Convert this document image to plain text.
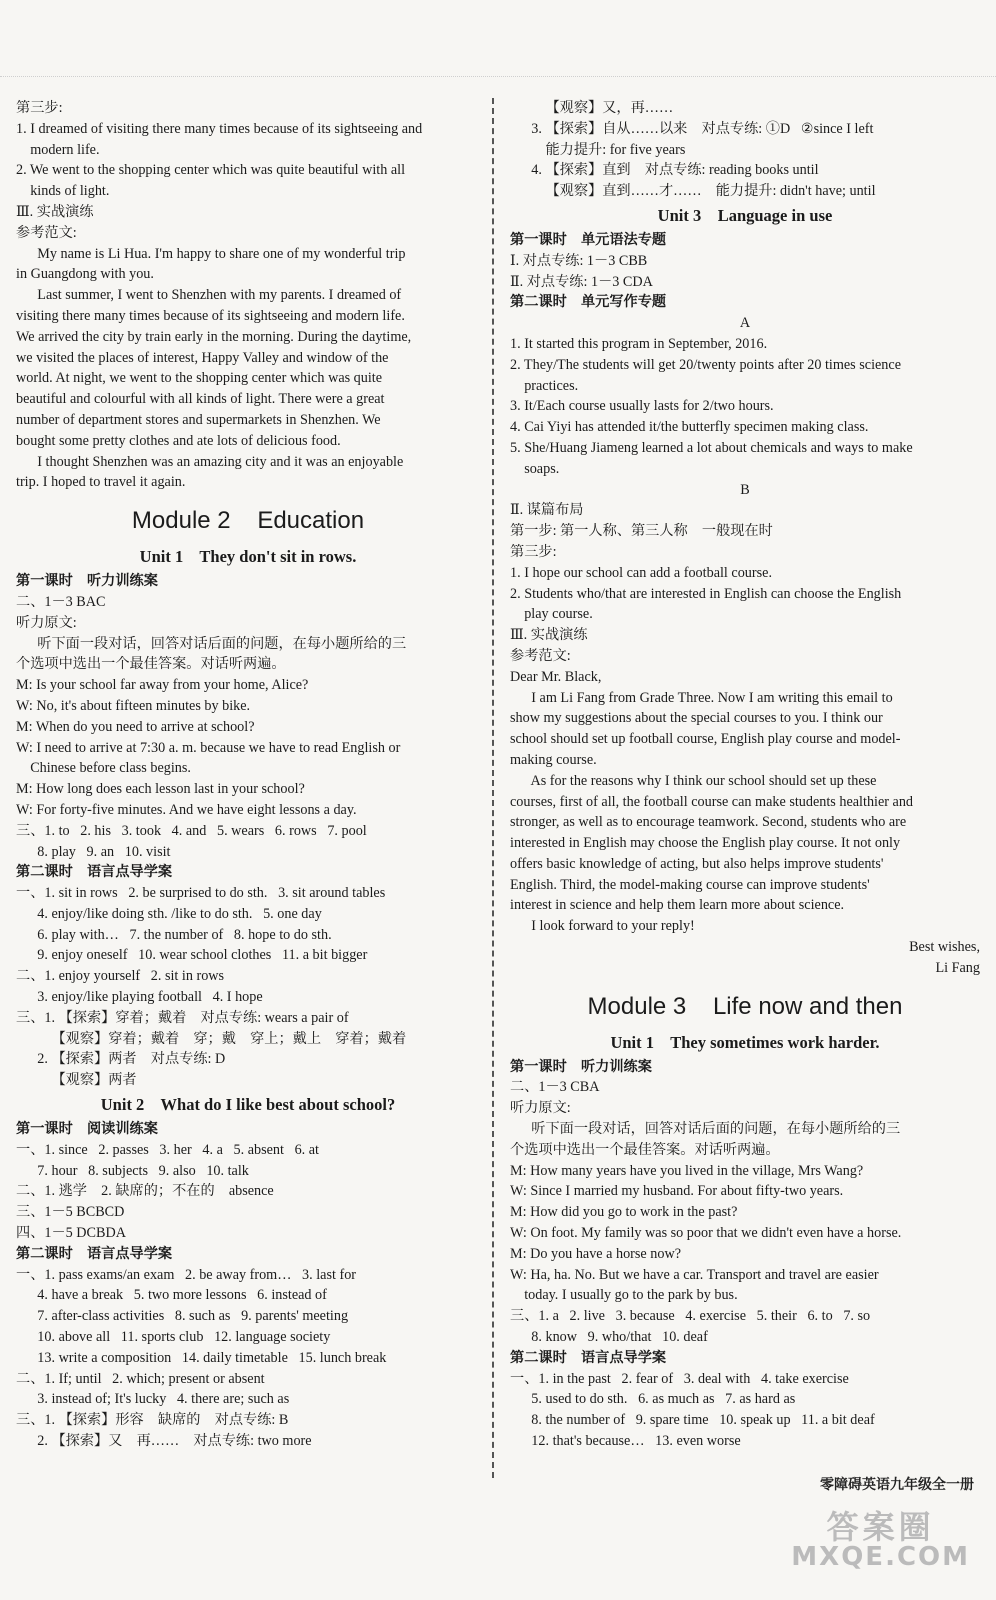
第三步:
1. I dreamed of visiting there many times because of its sightseeing and
modern life.
2. We went to the shopping center which was quite beautiful with all
kinds of light.
Ⅲ. 实战演练
参考范文:
My name is Li Hua. I'm happy to share one of my wonderful trip
in Guangdong with you.
Last summer, I went to Shenzhen with my parents. I dreamed of
visiting there many times because of its sightseeing and modern life.
We arrived the city by train early in the morning. During the daytime,
we visited the places of interest, Happy Valley and window of the
world. At night, we went to the shopping center which was quite
beautiful and colourful with all kinds of light. There were a great
number of department stores and supermarkets in Shenzhen. We
bought some pretty clothes and ate lots of delicious food.
I thought Shenzhen was an amazing city and it was an enjoyable
trip. I hoped to travel it again.
Module 2    Education
Unit 1    They don't sit in rows.
第一课时    听力训练案
二、1－3 BAC
听力原文:
听下面一段对话，回答对话后面的问题，在每小题所给的三
个选项中选出一个最佳答案。对话听两遍。
M: Is your school far away from your home, Alice?
W: No, it's about fifteen minutes by bike.
M: When do you need to arrive at school?
W: I need to arrive at 7:30 a. m. because we have to read English or
Chinese before class begins.
M: How long does each lesson last in your school?
W: For forty-five minutes. And we have eight lessons a day.
三、1. to   2. his   3. took   4. and   5. wears   6. rows   7. pool
8. play   9. an   10. visit
第二课时    语言点导学案
一、1. sit in rows   2. be surprised to do sth.   3. sit around tables
4. enjoy/like doing sth. /like to do sth.   5. one day
6. play with…   7. the number of   8. hope to do sth.
9. enjoy oneself   10. wear school clothes   11. a bit bigger
二、1. enjoy yourself   2. sit in rows
3. enjoy/like playing football   4. I hope
三、1. 【探索】穿着；戴着    对点专练: wears a pair of
【观察】穿着；戴着    穿；戴    穿上；戴上    穿着；戴着
2. 【探索】两者    对点专练: D
【观察】两者
Unit 2    What do I like best about school?
第一课时    阅读训练案
一、1. since   2. passes   3. her   4. a   5. absent   6. at
7. hour   8. subjects   9. also   10. talk
二、1. 逃学    2. 缺席的；不在的    absence
三、1－5 BCBCD
四、1－5 DCBDA
第二课时    语言点导学案
一、1. pass exams/an exam   2. be away from…   3. last for
4. have a break   5. two more lessons   6. instead of
7. after-class activities   8. such as   9. parents' meeting
10. above all   11. sports club   12. language society
13. write a composition   14. daily timetable   15. lunch break
二、1. If; until   2. which; present or absent
3. instead of; It's lucky   4. there are; such as
三、1. 【探索】形容    缺席的    对点专练: B
2. 【探索】又    再……    对点专练: two more
【观察】又，再……
3. 【探索】自从……以来    对点专练: ①D   ②since I left
能力提升: for five years
4. 【探索】直到    对点专练: reading books until
【观察】直到……才……    能力提升: didn't have; until
Unit 3    Language in use
第一课时    单元语法专题
Ⅰ. 对点专练: 1－3 CBB
Ⅱ. 对点专练: 1－3 CDA
第二课时    单元写作专题
A
1. It started this program in September, 2016.
2. They/The students will get 20/twenty points after 20 times science
practices.
3. It/Each course usually lasts for 2/two hours.
4. Cai Yiyi has attended it/the butterfly specimen making class.
5. She/Huang Jiameng learned a lot about chemicals and ways to make
soaps.
B
Ⅱ. 谋篇布局
第一步: 第一人称、第三人称    一般现在时
第三步:
1. I hope our school can add a football course.
2. Students who/that are interested in English can choose the English
play course.
Ⅲ. 实战演练
参考范文:
Dear Mr. Black,
I am Li Fang from Grade Three. Now I am writing this email to
show my suggestions about the special courses to you. I think our
school should set up football course, English play course and model-
making course.
As for the reasons why I think our school should set up these
courses, first of all, the football course can make students healthier and
stronger, as well as to encourage teamwork. Second, students who are
interested in English may choose the English play course. It not only
offers basic knowledge of acting, but also helps improve students'
English. Third, the model-making course can improve students'
interest in science and help them learn more about science.
I look forward to your reply!
Best wishes,
Li Fang
Module 3    Life now and then
Unit 1    They sometimes work harder.
第一课时    听力训练案
二、1－3 CBA
听力原文:
听下面一段对话，回答对话后面的问题，在每小题所给的三
个选项中选出一个最佳答案。对话听两遍。
M: How many years have you lived in the village, Mrs Wang?
W: Since I married my husband. For about fifty-two years.
M: How did you go to work in the past?
W: On foot. My family was so poor that we didn't even have a horse.
M: Do you have a horse now?
W: Ha, ha. No. But we have a car. Transport and travel are easier
today. I usually go to the park by bus.
三、1. a   2. live   3. because   4. exercise   5. their   6. to   7. so
8. know   9. who/that   10. deaf
第二课时    语言点导学案
一、1. in the past   2. fear of   3. deal with   4. take exercise
5. used to do sth.   6. as much as   7. as hard as
8. the number of   9. spare time   10. speak up   11. a bit deaf
12. that's because…   13. even worse
零障碍英语九年级全一册
答案圈
MXQE.COM
